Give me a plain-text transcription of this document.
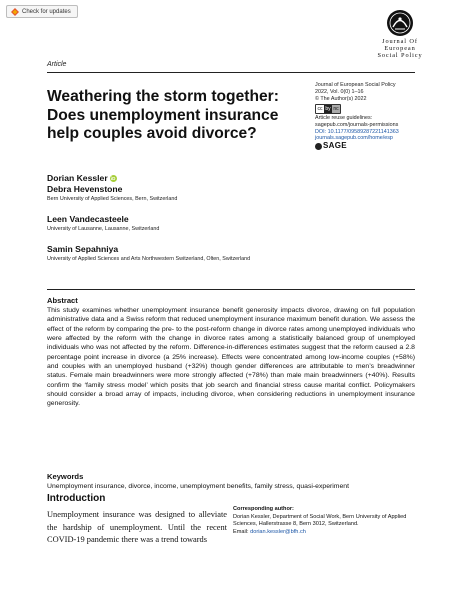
Check for updates
Journal Of
European
Social Policy
Article
Weathering the storm together: Does unemployment insurance help couples avoid divorce?
Journal of European Social Policy
2022, Vol. 0(0) 1–16
© The Author(s) 2022
cc by nc
Article reuse guidelines:
sagepub.com/journals-permissions
DOI: 10.1177/09589287221141363
journals.sagepub.com/home/esp
SAGE
Dorian Kessler iD
Debra Hevenstone
Bern University of Applied Sciences, Bern, Switzerland
Leen Vandecasteele
University of Lausanne, Lausanne, Switzerland
Samin Sepahniya
University of Applied Sciences and Arts Northwestern Switzerland, Olten, Switzerland
Abstract
This study examines whether unemployment insurance benefit generosity impacts divorce, drawing on full population administrative data and a Swiss reform that reduced unemployment insurance maximum benefit duration. We assess the effect of the reform by comparing the pre- to the post-reform change in divorce rates among unemployed individuals who were affected by the reform with the change in divorce rates among a statistically balanced group of unemployed individuals who was not affected by the reform. Difference-in-differences estimates suggest that the reform caused a 2.8 percentage point increase in divorce (a 25% increase). Effects were concentrated among low-income couples (+58%) and couples with an unemployed husband (+32%) though gender differences are attributable to men’s breadwinner status. Female main breadwinners were more strongly affected (+78%) than male main breadwinners (+40%). Results confirm the ‘family stress model’ which posits that job search and financial stress cause marital conflict. Policymakers should consider a broad array of impacts, including divorce, when considering reductions in unemployment insurance generosity.
Keywords
Unemployment insurance, divorce, income, unemployment benefits, family stress, quasi-experiment
Introduction
Unemployment insurance was designed to alleviate the hardship of unemployment. Until the recent COVID-19 pandemic there was a trend towards
Corresponding author:
Dorian Kessler, Department of Social Work, Bern University of Applied Sciences, Hallerstrasse 8, Bern 3012, Switzerland.
Email: dorian.kessler@bfh.ch
